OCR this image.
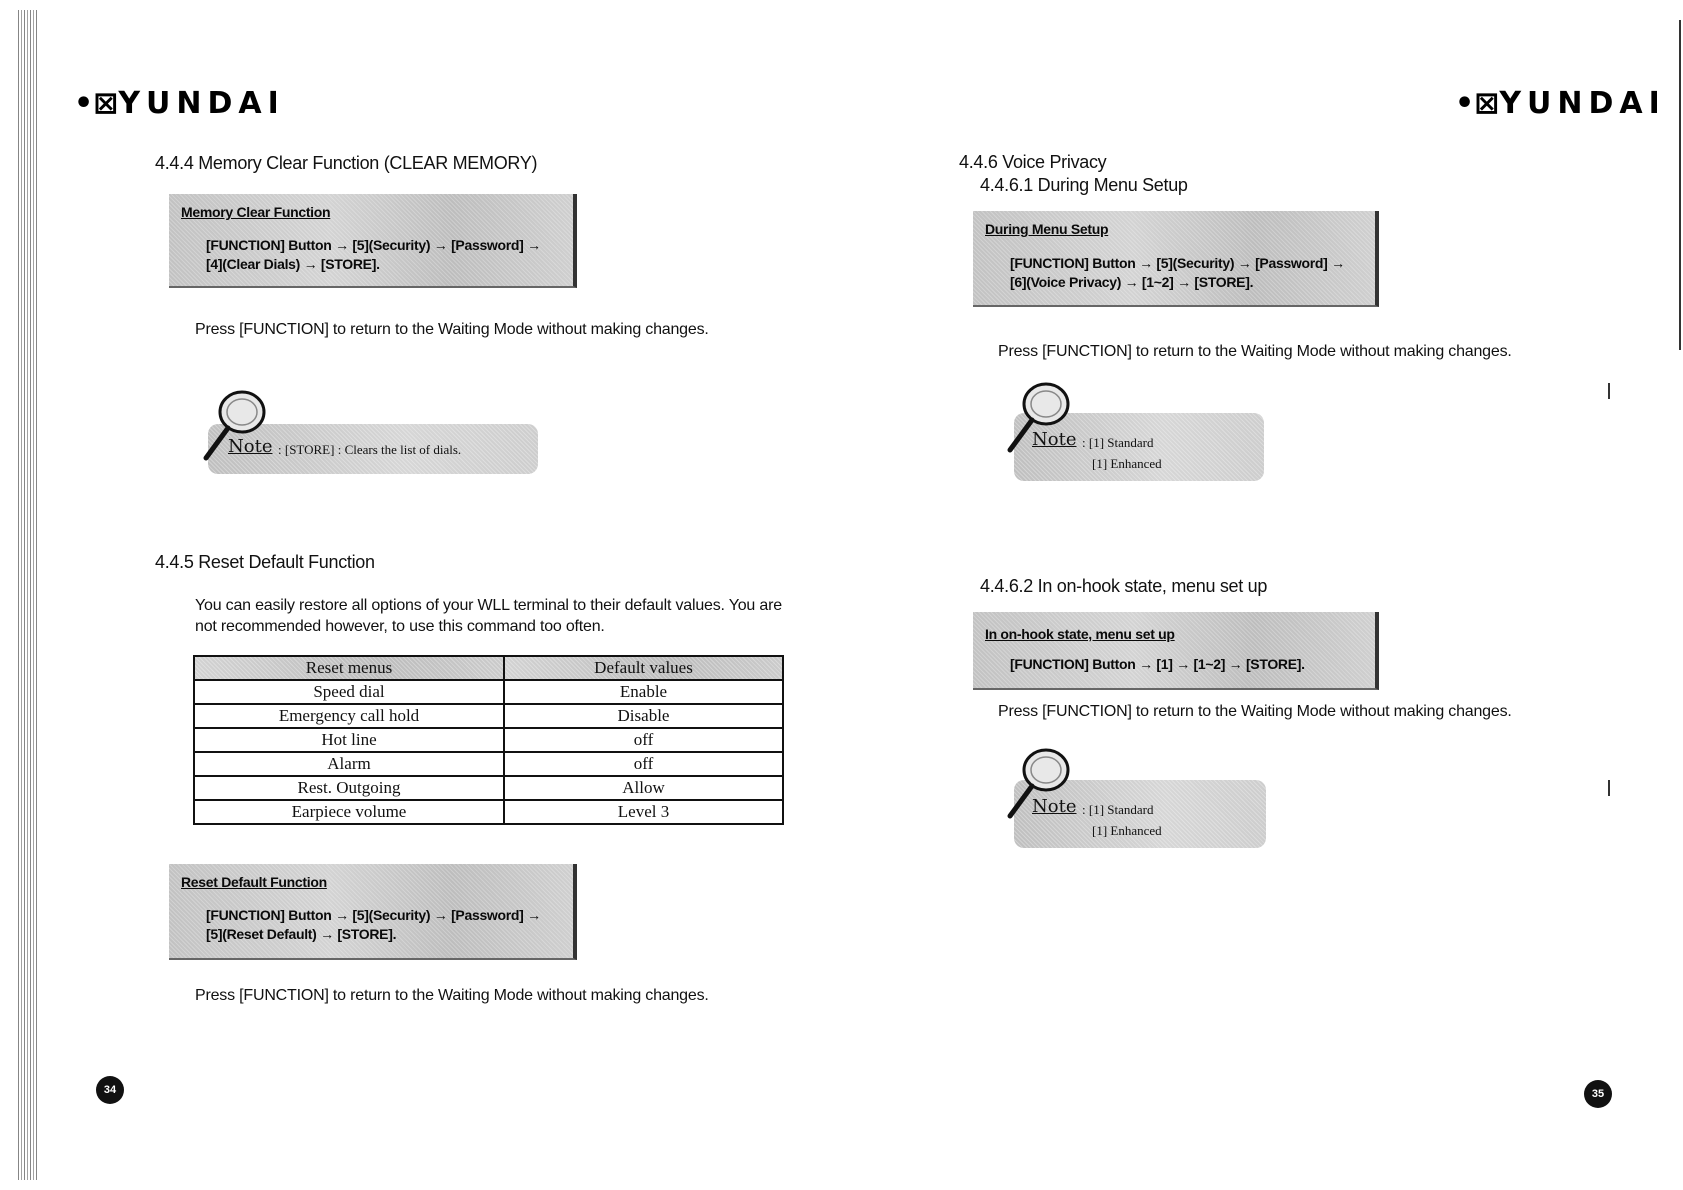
•⊠YUNDAI
4.4.4 Memory Clear Function (CLEAR MEMORY)
Memory Clear Function
[FUNCTION] Button → [5](Security) → [Password] →
[4](Clear Dials) → [STORE].
Press [FUNCTION] to return to the Waiting Mode without making changes.
Note : [STORE] : Clears the list of dials.
4.4.5 Reset Default Function
You can easily restore all options of your WLL terminal to their default values. You are
not recommended however, to use this command too often.
Reset menus	Default values
Speed dial	Enable
Emergency call hold	Disable
Hot line	off
Alarm	off
Rest. Outgoing	Allow
Earpiece volume	Level 3
Reset Default Function
[FUNCTION] Button → [5](Security) → [Password] →
[5](Reset Default) → [STORE].
Press [FUNCTION] to return to the Waiting Mode without making changes.
34
•⊠YUNDAI
4.4.6 Voice Privacy
4.4.6.1 During Menu Setup
During Menu Setup
[FUNCTION] Button → [5](Security) → [Password] →
[6](Voice Privacy) → [1~2] → [STORE].
Press [FUNCTION] to return to the Waiting Mode without making changes.
Note : [1] Standard
[1] Enhanced
4.4.6.2 In on-hook state, menu set up
In on-hook state, menu set up
[FUNCTION] Button → [1] → [1~2] → [STORE].
Press [FUNCTION] to return to the Waiting Mode without making changes.
Note : [1] Standard
[1] Enhanced
35
